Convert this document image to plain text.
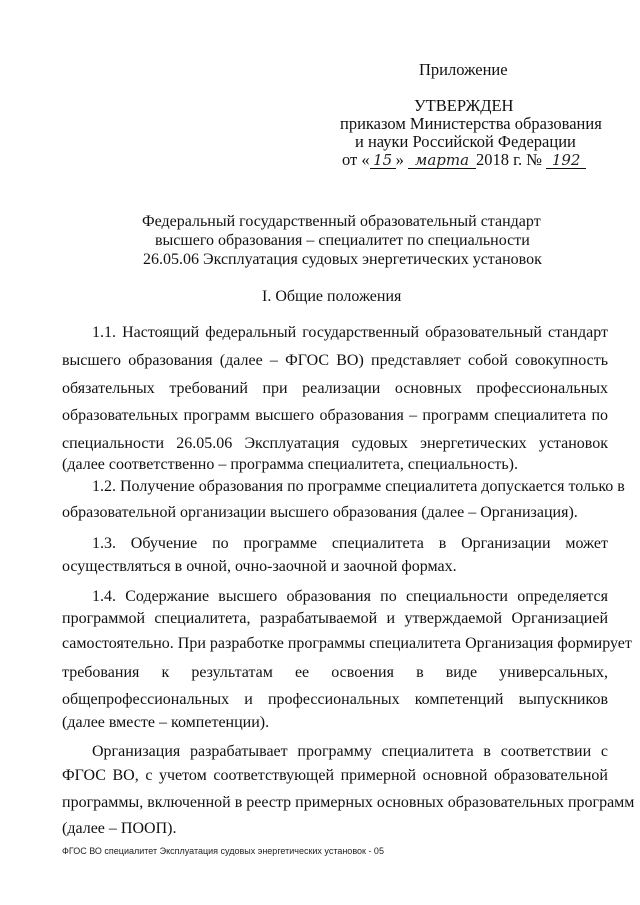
Приложение
УТВЕРЖДЕН
приказом Министерства образования
и науки Российской Федерации
от « 15 » марта 2018 г. № 192
Федеральный государственный образовательный стандарт
высшего образования – специалитет по специальности
26.05.06 Эксплуатация судовых энергетических установок
I. Общие положения
1.1. Настоящий федеральный государственный образовательный стандарт
высшего образования (далее – ФГОС ВО) представляет собой совокупность
обязательных требований при реализации основных профессиональных
образовательных программ высшего образования – программ специалитета по
специальности 26.05.06 Эксплуатация судовых энергетических установок
(далее соответственно – программа специалитета, специальность).
1.2. Получение образования по программе специалитета допускается только в
образовательной организации высшего образования (далее – Организация).
1.3. Обучение по программе специалитета в Организации может
осуществляться в очной, очно-заочной и заочной формах.
1.4. Содержание высшего образования по специальности определяется
программой специалитета, разрабатываемой и утверждаемой Организацией
самостоятельно. При разработке программы специалитета Организация формирует
требования к результатам ее освоения в виде универсальных,
общепрофессиональных и профессиональных компетенций выпускников
(далее вместе – компетенции).
Организация разрабатывает программу специалитета в соответствии с
ФГОС ВО, с учетом соответствующей примерной основной образовательной
программы, включенной в реестр примерных основных образовательных программ
(далее – ПООП).
ФГОС ВО специалитет Эксплуатация судовых энергетических установок - 05
